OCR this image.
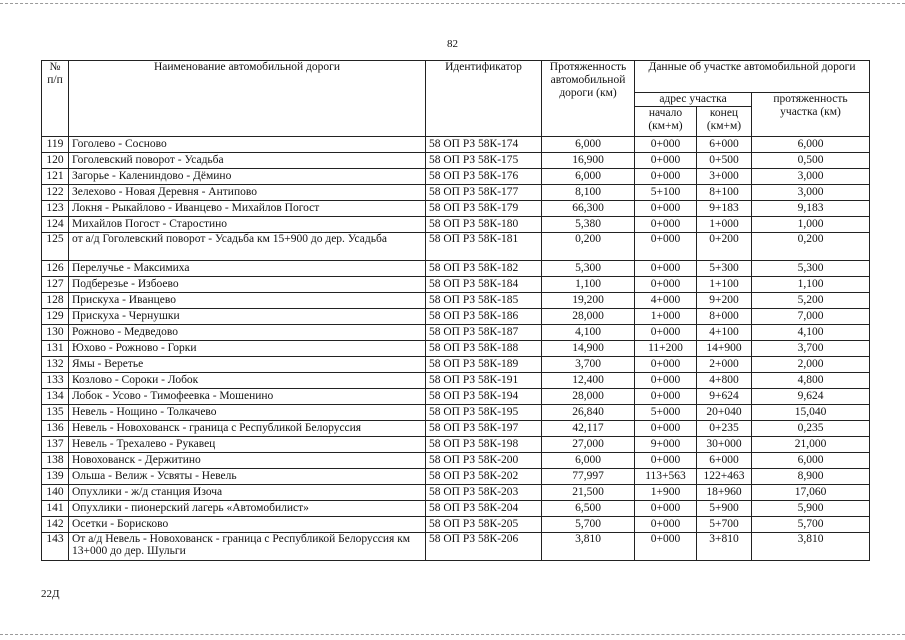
82
№ п/п	Наименование автомобильной дороги	Идентификатор	Протяженность автомобильной дороги (км)	Данные об участке автомобильной дороги		
				адрес участка		протяженность участка (км)
				начало (км+м)	конец (км+м)	
119	Гоголево - Сосново	58 ОП РЗ 58К-174	6,000	0+000	6+000	6,000
120	Гоголевский поворот - Усадьба	58 ОП РЗ 58К-175	16,900	0+000	0+500	0,500
121	Загорье - Калениндово - Дёмино	58 ОП РЗ 58К-176	6,000	0+000	3+000	3,000
122	Зелехово - Новая Деревня - Антипово	58 ОП РЗ 58К-177	8,100	5+100	8+100	3,000
123	Локня - Рыкайлово - Иванцево - Михайлов Погост	58 ОП РЗ 58К-179	66,300	0+000	9+183	9,183
124	Михайлов Погост - Старостино	58 ОП РЗ 58К-180	5,380	0+000	1+000	1,000
125	от а/д Гоголевский поворот - Усадьба км 15+900 до дер. Усадьба	58 ОП РЗ 58К-181	0,200	0+000	0+200	0,200
126	Перелучье - Максимиха	58 ОП РЗ 58К-182	5,300	0+000	5+300	5,300
127	Подберезье - Избоево	58 ОП РЗ 58К-184	1,100	0+000	1+100	1,100
128	Прискуха - Иванцево	58 ОП РЗ 58К-185	19,200	4+000	9+200	5,200
129	Прискуха - Чернушки	58 ОП РЗ 58К-186	28,000	1+000	8+000	7,000
130	Рожново - Медведово	58 ОП РЗ 58К-187	4,100	0+000	4+100	4,100
131	Юхово - Рожново - Горки	58 ОП РЗ 58К-188	14,900	11+200	14+900	3,700
132	Ямы - Веретье	58 ОП РЗ 58К-189	3,700	0+000	2+000	2,000
133	Козлово - Сороки - Лобок	58 ОП РЗ 58К-191	12,400	0+000	4+800	4,800
134	Лобок - Усово - Тимофеевка - Мошенино	58 ОП РЗ 58К-194	28,000	0+000	9+624	9,624
135	Невель - Нощино - Толкачево	58 ОП РЗ 58К-195	26,840	5+000	20+040	15,040
136	Невель - Новохованск - граница с Республикой Белоруссия	58 ОП РЗ 58К-197	42,117	0+000	0+235	0,235
137	Невель - Трехалево - Рукавец	58 ОП РЗ 58К-198	27,000	9+000	30+000	21,000
138	Новохованск - Держитино	58 ОП РЗ 58К-200	6,000	0+000	6+000	6,000
139	Ольша - Велиж - Усвяты - Невель	58 ОП РЗ 58К-202	77,997	113+563	122+463	8,900
140	Опухлики - ж/д станция Изоча	58 ОП РЗ 58К-203	21,500	1+900	18+960	17,060
141	Опухлики - пионерский лагерь «Автомобилист»	58 ОП РЗ 58К-204	6,500	0+000	5+900	5,900
142	Осетки - Борисково	58 ОП РЗ 58К-205	5,700	0+000	5+700	5,700
143	От а/д Невель - Новохованск - граница с Республикой Белоруссия км 13+000 до дер. Шульги	58 ОП РЗ 58К-206	3,810	0+000	3+810	3,810
22Д
